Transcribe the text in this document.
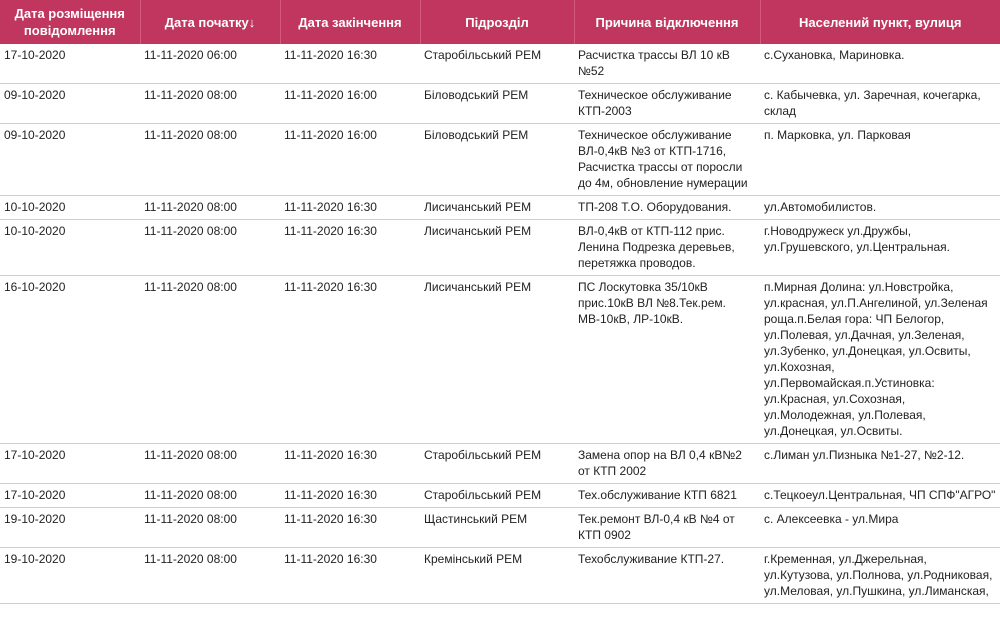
Дата розміщення повідомлення	Дата початку↓	Дата закінчення	Підрозділ	Причина відключення	Населений пункт, вулиця
17-10-2020	11-11-2020 06:00	11-11-2020 16:30	Старобільський РЕМ	Расчистка трассы ВЛ 10 кВ №52	с.Сухановка, Мариновка.
09-10-2020	11-11-2020 08:00	11-11-2020 16:00	Біловодський РЕМ	Техническое обслуживание КТП-2003	с. Кабычевка, ул. Заречная, кочегарка, склад
09-10-2020	11-11-2020 08:00	11-11-2020 16:00	Біловодський РЕМ	Техническое обслуживание ВЛ-0,4кВ №3 от КТП-1716, Расчистка трассы от поросли до 4м, обновление нумерации	п. Марковка, ул. Парковая
10-10-2020	11-11-2020 08:00	11-11-2020 16:30	Лисичанський РЕМ	ТП-208 Т.О. Оборудования.	ул.Автомобилистов.
10-10-2020	11-11-2020 08:00	11-11-2020 16:30	Лисичанський РЕМ	ВЛ-0,4кВ от КТП-112 прис. Ленина Подрезка деревьев, перетяжка проводов.	г.Новодружеск ул.Дружбы, ул.Грушевского, ул.Центральная.
16-10-2020	11-11-2020 08:00	11-11-2020 16:30	Лисичанський РЕМ	ПС Лоскутовка 35/10кВ прис.10кВ ВЛ №8.Тек.рем. МВ-10кВ, ЛР-10кВ.	п.Мирная Долина: ул.Новстройка, ул.красная, ул.П.Ангелиной, ул.Зеленая роща.п.Белая гора: ЧП Белогор, ул.Полевая, ул.Дачная, ул.Зеленая, ул.Зубенко, ул.Донецкая, ул.Освиты, ул.Кохозная, ул.Первомайская.п.Устиновка: ул.Красная, ул.Сохозная, ул.Молодежная, ул.Полевая, ул.Донецкая, ул.Освиты.
17-10-2020	11-11-2020 08:00	11-11-2020 16:30	Старобільський РЕМ	Замена опор на ВЛ 0,4 кВ№2 от КТП 2002	с.Лиман ул.Пизныка №1-27, №2-12.
17-10-2020	11-11-2020 08:00	11-11-2020 16:30	Старобільський РЕМ	Тех.обслуживание КТП 6821	с.Тецкоеул.Центральная, ЧП СПФ"АГРО"
19-10-2020	11-11-2020 08:00	11-11-2020 16:30	Щастинський РЕМ	Тек.ремонт ВЛ-0,4 кВ №4 от КТП 0902	с. Алексеевка - ул.Мира
19-10-2020	11-11-2020 08:00	11-11-2020 16:30	Кремінський РЕМ	Техобслуживание КТП-27.	г.Кременная, ул.Джерельная, ул.Кутузова, ул.Полнова, ул.Родниковая, ул.Меловая, ул.Пушкина, ул.Лиманская,
